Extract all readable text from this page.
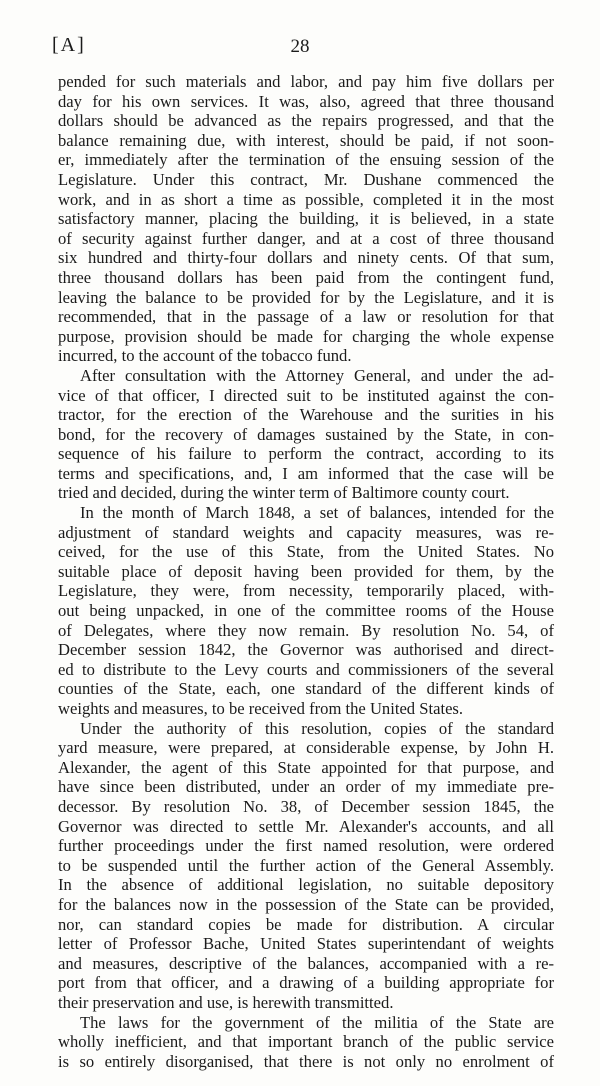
[A]	28
pended for such materials and labor, and pay him five dollars per
day for his own services. It was, also, agreed that three thousand
dollars should be advanced as the repairs progressed, and that the
balance remaining due, with interest, should be paid, if not soon-
er, immediately after the termination of the ensuing session of the
Legislature. Under this contract, Mr. Dushane commenced the
work, and in as short a time as possible, completed it in the most
satisfactory manner, placing the building, it is believed, in a state
of security against further danger, and at a cost of three thousand
six hundred and thirty-four dollars and ninety cents. Of that sum,
three thousand dollars has been paid from the contingent fund,
leaving the balance to be provided for by the Legislature, and it is
recommended, that in the passage of a law or resolution for that
purpose, provision should be made for charging the whole expense
incurred, to the account of the tobacco fund.
After consultation with the Attorney General, and under the ad-
vice of that officer, I directed suit to be instituted against the con-
tractor, for the erection of the Warehouse and the surities in his
bond, for the recovery of damages sustained by the State, in con-
sequence of his failure to perform the contract, according to its
terms and specifications, and, I am informed that the case will be
tried and decided, during the winter term of Baltimore county court.
In the month of March 1848, a set of balances, intended for the
adjustment of standard weights and capacity measures, was re-
ceived, for the use of this State, from the United States. No
suitable place of deposit having been provided for them, by the
Legislature, they were, from necessity, temporarily placed, with-
out being unpacked, in one of the committee rooms of the House
of Delegates, where they now remain. By resolution No. 54, of
December session 1842, the Governor was authorised and direct-
ed to distribute to the Levy courts and commissioners of the several
counties of the State, each, one standard of the different kinds of
weights and measures, to be received from the United States.
Under the authority of this resolution, copies of the standard
yard measure, were prepared, at considerable expense, by John H.
Alexander, the agent of this State appointed for that purpose, and
have since been distributed, under an order of my immediate pre-
decessor. By resolution No. 38, of December session 1845, the
Governor was directed to settle Mr. Alexander's accounts, and all
further proceedings under the first named resolution, were ordered
to be suspended until the further action of the General Assembly.
In the absence of additional legislation, no suitable depository
for the balances now in the possession of the State can be provided,
nor, can standard copies be made for distribution. A circular
letter of Professor Bache, United States superintendant of weights
and measures, descriptive of the balances, accompanied with a re-
port from that officer, and a drawing of a building appropriate for
their preservation and use, is herewith transmitted.
The laws for the government of the militia of the State are
wholly inefficient, and that important branch of the public service
is so entirely disorganised, that there is not only no enrolment of
